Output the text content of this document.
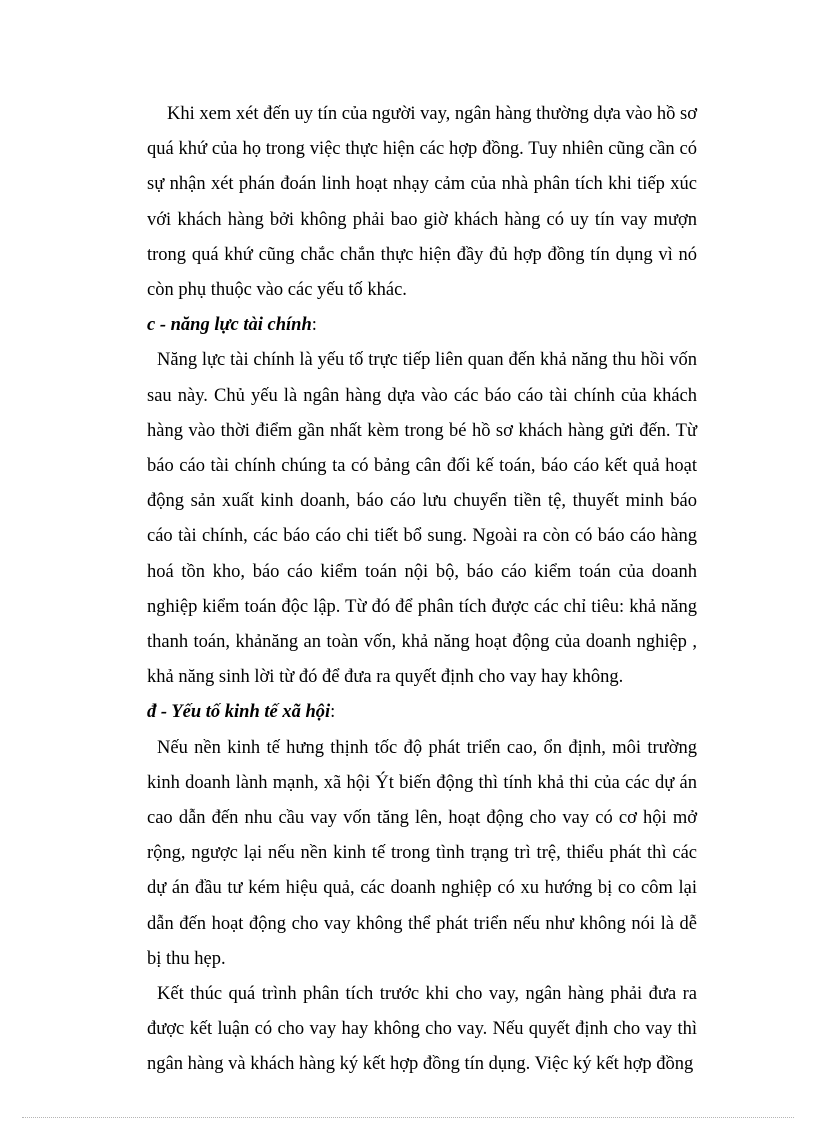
Khi xem xét đến uy tín của người vay, ngân hàng thường dựa vào hồ sơ quá khứ của họ trong việc thực hiện các hợp đồng. Tuy nhiên cũng cần có sự nhận xét phán đoán linh hoạt nhạy cảm của nhà phân tích khi tiếp xúc với khách hàng bởi không phải bao giờ khách hàng có uy tín vay mượn trong quá khứ cũng chắc chắn thực hiện đầy đủ hợp đồng tín dụng vì nó còn phụ thuộc vào các yếu tố khác.

c - năng lực tài chính:

Năng lực tài chính là yếu tố trực tiếp liên quan đến khả năng thu hồi vốn sau này. Chủ yếu là ngân hàng dựa vào các báo cáo tài chính của khách hàng vào thời điểm gần nhất kèm trong bé hồ sơ khách hàng gửi đến. Từ báo cáo tài chính chúng ta có bảng cân đối kế toán, báo cáo kết quả hoạt động sản xuất kinh doanh, báo cáo lưu chuyển tiền tệ, thuyết minh báo cáo tài chính, các báo cáo chi tiết bổ sung. Ngoài ra còn có báo cáo hàng hoá tồn kho, báo cáo kiểm toán nội bộ, báo cáo kiểm toán của doanh nghiệp kiểm toán độc lập. Từ đó để phân tích được các chỉ tiêu: khả năng thanh toán, khảnăng an toàn vốn, khả năng hoạt động của doanh nghiệp , khả năng sinh lời từ đó để đưa ra quyết định cho vay hay không.

đ - Yếu tố kinh tế xã hội:

Nếu nền kinh tế hưng thịnh tốc độ phát triển cao, ổn định, môi trường kinh doanh lành mạnh, xã hội Ýt biến động thì tính khả thi của các dự án cao dẫn đến nhu cầu vay vốn tăng lên, hoạt động cho vay có cơ hội mở rộng, ngược lại nếu nền kinh tế trong tình trạng trì trệ, thiểu phát thì các dự án đầu tư kém hiệu quả, các doanh nghiệp có xu hướng bị co côm lại dẫn đến hoạt động cho vay không thể phát triển nếu như không nói là dễ bị thu hẹp.

Kết thúc quá trình phân tích trước khi cho vay, ngân hàng phải đưa ra được kết luận có cho vay hay không cho vay. Nếu quyết định cho vay thì ngân hàng và khách hàng ký kết hợp đồng tín dụng. Việc ký kết hợp đồng
